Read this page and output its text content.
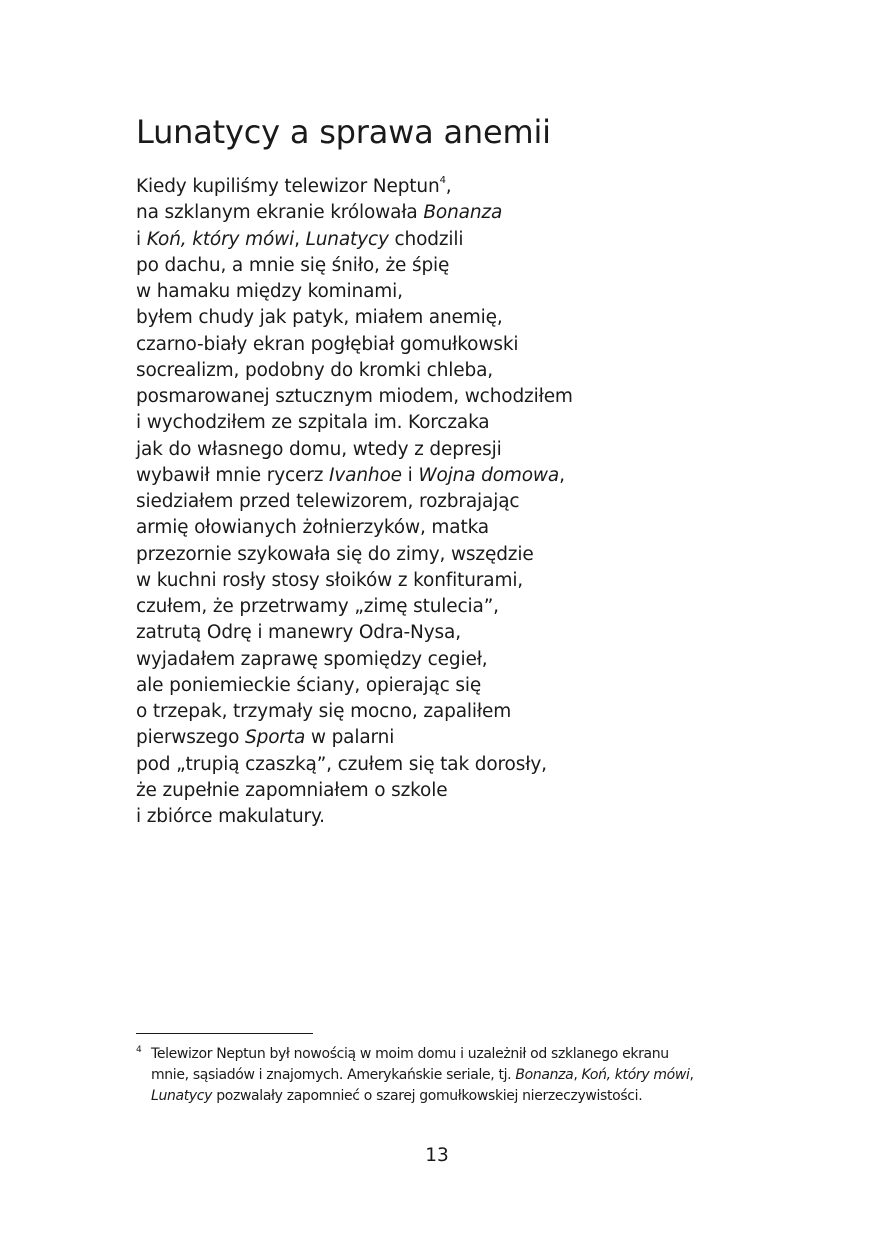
Lunatycy a sprawa anemii
Kiedy kupiliśmy telewizor Neptun$^4$,
na szklanym ekranie królowała Bonanza
i Koń, który mówi, Lunatycy chodzili
po dachu, a mnie się śniło, że śpię
w hamaku między kominami,
byłem chudy jak patyk, miałem anemię,
czarno-biały ekran pogłębiał gomułkowski
socrealizm, podobny do kromki chleba,
posmarowanej sztucznym miodem, wchodziłem
i wychodziłem ze szpitala im. Korczaka
jak do własnego domu, wtedy z depresji
wybawił mnie rycerz Ivanhoe i Wojna domowa,
siedziałem przed telewizorem, rozbrajając
armię ołowianych żołnierzyków, matka
przezornie szykowała się do zimy, wszędzie
w kuchni rosły stosy słoików z konfiturami,
czułem, że przetrwamy „zimę stulecia”,
zatrutą Odrę i manewry Odra-Nysa,
wyjadałem zaprawę spomiędzy cegieł,
ale poniemieckie ściany, opierając się
o trzepak, trzymały się mocno, zapaliłem
pierwszego Sporta w palarni
pod „trupią czaszką”, czułem się tak dorosły,
że zupełnie zapomniałem o szkole
i zbiórce makulatury.
4 Telewizor Neptun był nowością w moim domu i uzależnił od szklanego ekranu
mnie, sąsiadów i znajomych. Amerykańskie seriale, tj. Bonanza, Koń, który mówi,
Lunatycy pozwalały zapomnieć o szarej gomułkowskiej nierzeczywistości.
13
